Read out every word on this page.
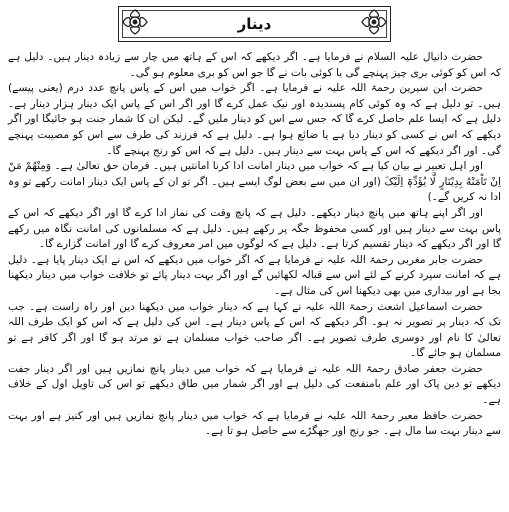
دینار

حضرت دانیال علیہ السلام نے فرمایا ہے۔ اگر دیکھے کہ اس کے ہاتھ میں چار سے زیادہ دینار ہیں۔ دلیل ہے کہ اس کو کوئی بری چیز پہنچے گی یا کوئی بات نے گا جو اس کو بری معلوم ہو گی۔

حضرت ابن سیرین رحمۃ اللہ علیہ نے فرمایا ہے۔ اگر خواب میں اس کے پاس پانچ عدد درم (یعنی پیسے) ہیں۔ تو دلیل ہے کہ وہ کوئی کام پسندیدہ اور نیک عمل کرے گا اور اگر اس کے پاس ایک دینار ہزار دینار ہے۔ دلیل ہے کہ ایسا علم حاصل کرے گا کہ جس سے اس کو دینار ملیں گے۔ لیکن ان کا شمار جنت ہو جائیگا اور اگر دیکھے کہ اس نے کسی کو دینار دیا ہے یا ضائع ہوا ہے۔ دلیل ہے کہ فرزند کی طرف سے اس کو مصیبت پہنچے گی۔ اور اگر دیکھے کہ اس کے پاس بہت سے دینار ہیں۔ دلیل ہے کہ اس کو رنج پہنچے گا۔

اور اہل تعبیر نے بیان کیا ہے کہ خواب میں دینار امانت ادا کرنا امانتیں ہیں۔ فرمان حق تعالیٰ ہے۔ وَمِنْھُمْ مَنْ اِنْ تَاْمَنْهُ بِدِیْنَارٍ لَّا یُؤَدِّہٖٓ اِلَیْکَ (اور ان میں سے بعض لوگ ایسے ہیں۔ اگر تو ان کے پاس ایک دینار امانت رکھے تو وہ ادا نہ کریں گے۔)

اور اگر اپنے ہاتھ میں پانچ دینار دیکھے۔ دلیل ہے کہ پانچ وقت کی نماز ادا کرے گا اور اگر دیکھے کہ اس کے پاس بہت سے دینار ہیں اور کسی محفوظ جگہ پر رکھے ہیں۔ دلیل ہے کہ مسلمانوں کی امانت نگاہ میں رکھے گا اور اگر دیکھے کہ دینار تقسیم کرتا ہے۔ دلیل ہے کہ لوگوں میں امر معروف کرے گا اور امانت گزارے گا۔

حضرت جابر مغربی رحمۃ اللہ علیہ نے فرمایا ہے کہ اگر خواب میں دیکھے کہ اس نے ایک دینار پایا ہے۔ دلیل ہے کہ امانت سپرد کرنے کے لئے اس سے قبالہ لکھائیں گے اور اگر بہت دینار پائے تو خلافت خواب میں دینار دیکھنا بجا ہے اور بیداری میں بھی دیکھنا اس کی مثال ہے۔

حضرت اسماعیل اشعث رحمۃ اللہ علیہ نے کہا ہے کہ دینار خواب میں دیکھنا دین اور راہ راست ہے۔ جب تک کہ دینار پر تصویر نہ ہو۔ اگر دیکھے کہ اس کے پاس دینار ہے۔ اس کی دلیل ہے کہ اس کو ایک طرف اللہ تعالیٰ کا نام اور دوسری طرف تصویر ہے۔ اگر صاحب خواب مسلمان ہے تو مرتد ہو گا اور اگر کافر ہے تو مسلمان ہو جائے گا۔

حضرت جعفر صادق رحمۃ اللہ علیہ نے فرمایا ہے کہ خواب میں دینار پانچ نمازیں ہیں اور اگر دینار جفت دیکھے تو دین پاک اور علم بامنفعت کی دلیل ہے اور اگر شمار میں طاق دیکھے تو اس کی تاویل اول کے خلاف ہے۔

حضرت حافظ معبر رحمۃ اللہ علیہ نے فرمایا ہے کہ خواب میں دینار پانچ نمازیں ہیں اور کنیز ہے اور بہت سے دینار بہت سا مال ہے۔ جو رنج اور جھگڑے سے حاصل ہو تا ہے۔
